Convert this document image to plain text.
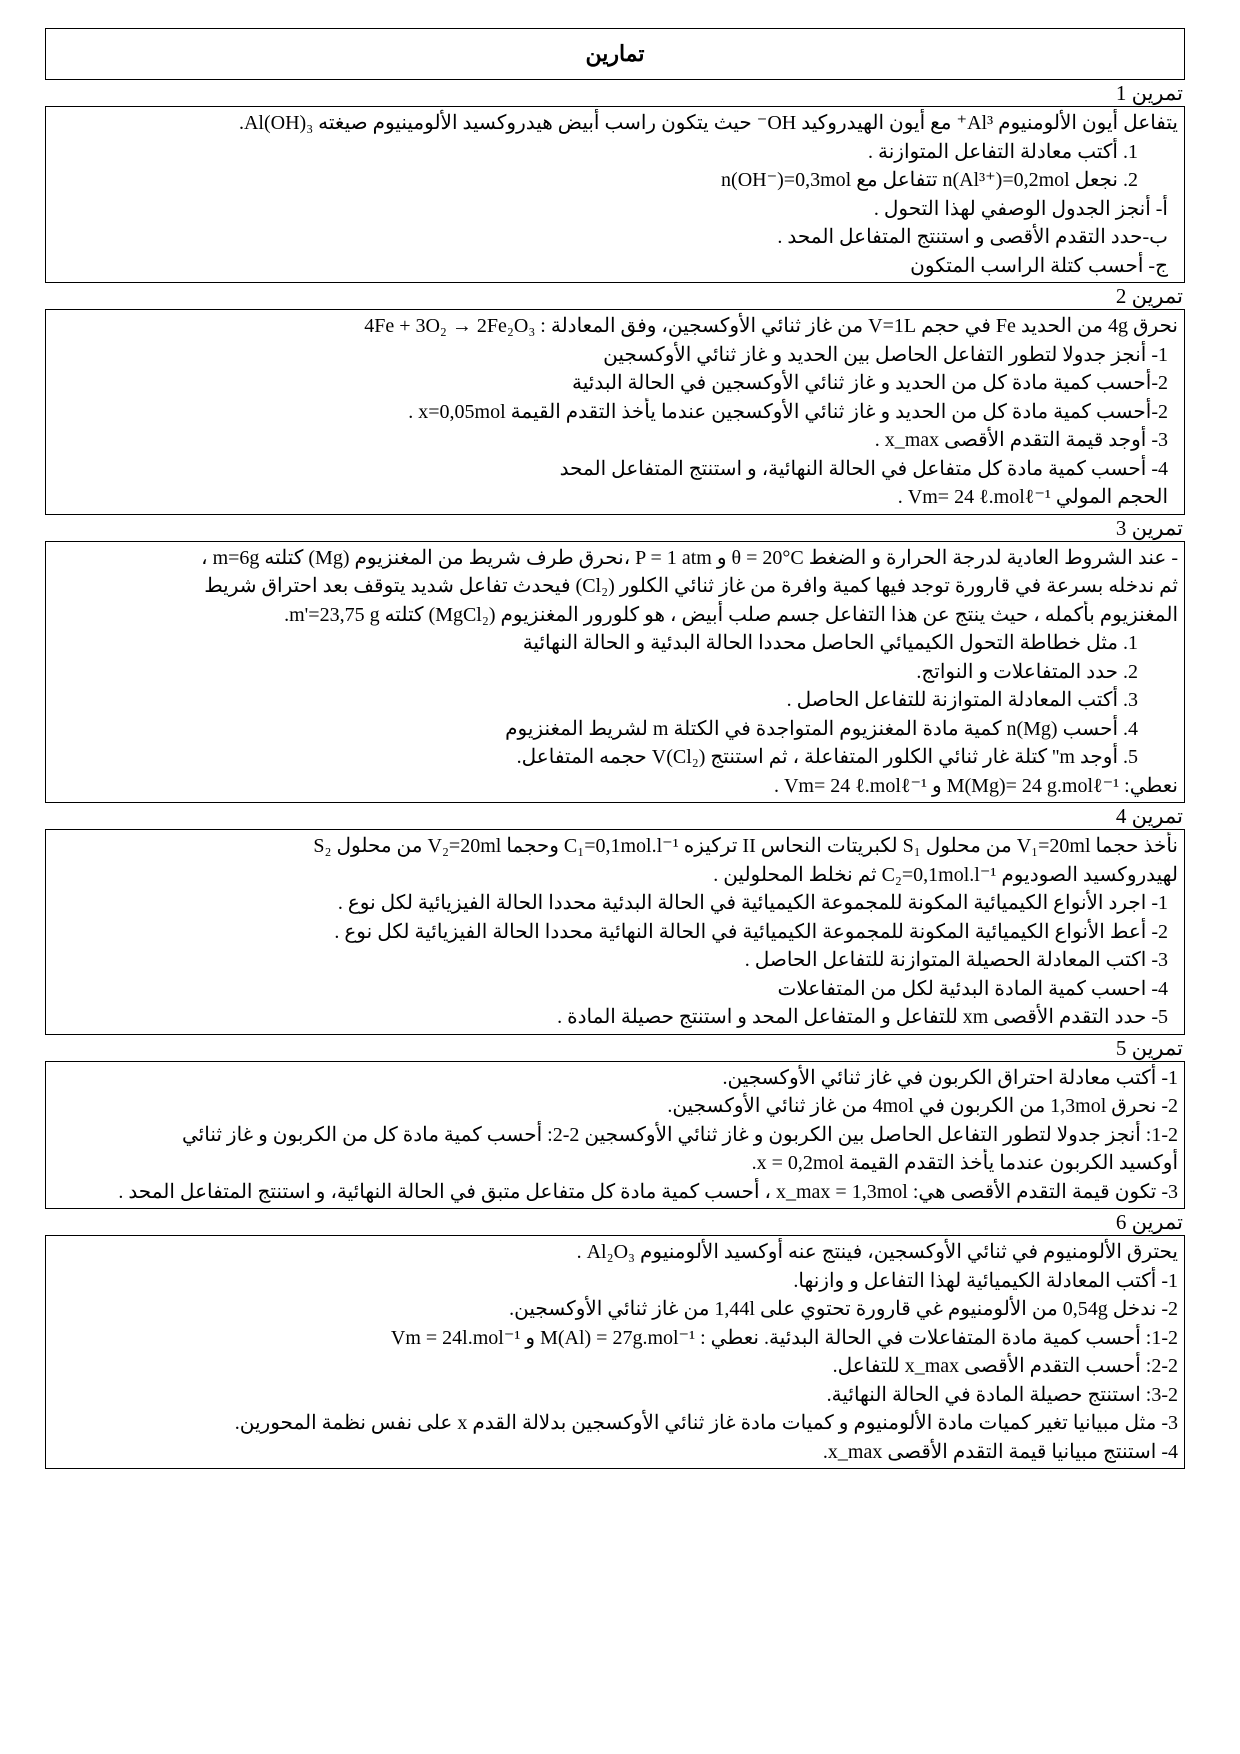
تمارين
تمرين 1
يتفاعل أيون الألومنيوم Al³⁺ مع أيون الهيدروكيد OH⁻ حيث يتكون راسب أبيض هيدروكسيد الألومينيوم صيغته Al(OH)₃.
1. أكتب معادلة التفاعل المتوازنة .
2. نجعل n(Al³⁺)=0,2mol تتفاعل مع n(OH⁻)=0,3mol
أ- أنجز الجدول الوصفي لهذا التحول .
ب-حدد التقدم الأقصى و استنتج المتفاعل المحد .
ج- أحسب كتلة الراسب المتكون
تمرين 2
نحرق 4g من الحديد Fe في حجم V=1L من غاز ثنائي الأوكسجين، وفق المعادلة : 4Fe + 3O₂ → 2Fe₂O₃
1- أنجز جدولا لتطور التفاعل الحاصل بين الحديد و غاز ثنائي الأوكسجين
2-أحسب كمية مادة كل من الحديد و غاز ثنائي الأوكسجين في الحالة البدئية
2-أحسب كمية مادة كل من الحديد و غاز ثنائي الأوكسجين عندما يأخذ التقدم القيمة x=0,05mol .
3- أوجد قيمة التقدم الأقصى x_max .
4- أحسب كمية مادة كل متفاعل في الحالة النهائية، و استنتج المتفاعل المحد
الحجم المولي Vm= 24 ℓ.molℓ⁻¹ .
تمرين 3
- عند الشروط العادية لدرجة الحرارة و الضغط θ = 20°C و P = 1 atm ،نحرق طرف شريط من المغنزيوم (Mg) كتلته m=6g ،
ثم ندخله بسرعة في قارورة توجد فيها كمية وافرة من غاز ثنائي الكلور (Cl₂) فيحدث تفاعل شديد يتوقف بعد احتراق شريط
المغنزيوم بأكمله ، حيث ينتج عن هذا التفاعل جسم صلب أبيض ، هو كلورور المغنزيوم (MgCl₂) كتلته m'=23,75 g.
1. مثل خطاطة التحول الكيميائي الحاصل محددا الحالة البدئية و الحالة النهائية
2. حدد المتفاعلات و النواتج.
3. أكتب المعادلة المتوازنة للتفاعل الحاصل .
4. أحسب n(Mg) كمية مادة المغنزيوم المتواجدة في الكتلة m لشريط المغنزيوم
5. أوجد m'' كتلة غار ثنائي الكلور المتفاعلة ، ثم استنتج V(Cl₂) حجمه المتفاعل.
نعطي: M(Mg)= 24 g.molℓ⁻¹ و Vm= 24 ℓ.molℓ⁻¹ .
تمرين 4
نأخذ حجما V₁=20ml من محلول S₁ لكبريتات النحاس II تركيزه C₁=0,1mol.l⁻¹ وحجما V₂=20ml من محلول S₂
لهيدروكسيد الصوديوم C₂=0,1mol.l⁻¹ ثم نخلط المحلولين .
1- اجرد الأنواع الكيميائية المكونة للمجموعة الكيميائية في الحالة البدئية محددا الحالة الفيزيائية لكل نوع .
2- أعط الأنواع الكيميائية المكونة للمجموعة الكيميائية في الحالة النهائية محددا الحالة الفيزيائية لكل نوع .
3- اكتب المعادلة الحصيلة المتوازنة للتفاعل الحاصل .
4- احسب كمية المادة البدئية لكل من المتفاعلات
5- حدد التقدم الأقصى xm للتفاعل و المتفاعل المحد و استنتج حصيلة المادة .
تمرين 5
1- أكتب معادلة احتراق الكربون في غاز ثنائي الأوكسجين.
2- نحرق 1,3mol من الكربون في 4mol من غاز ثنائي الأوكسجين.
1-2: أنجز جدولا لتطور التفاعل الحاصل بين الكربون و غاز ثنائي الأوكسجين 2-2: أحسب كمية مادة كل من الكربون و غاز ثنائي
أوكسيد الكربون عندما يأخذ التقدم القيمة x = 0,2mol.
3- تكون قيمة التقدم الأقصى هي: x_max = 1,3mol ، أحسب كمية مادة كل متفاعل متبق في الحالة النهائية، و استنتج المتفاعل المحد .
تمرين 6
يحترق الألومنيوم في ثنائي الأوكسجين، فينتج عنه أوكسيد الألومنيوم Al₂O₃ .
1- أكتب المعادلة الكيميائية لهذا التفاعل و وازنها.
2- ندخل 0,54g من الألومنيوم غي قارورة تحتوي على 1,44l من غاز ثنائي الأوكسجين.
1-2: أحسب كمية مادة المتفاعلات في الحالة البدئية. نعطي : M(Al) = 27g.mol⁻¹ و Vm = 24l.mol⁻¹
2-2: أحسب التقدم الأقصى x_max للتفاعل.
3-2: استنتج حصيلة المادة في الحالة النهائية.
3- مثل مبيانيا تغير كميات مادة الألومنيوم و كميات مادة غاز ثنائي الأوكسجين بدلالة القدم x على نفس نظمة المحورين.
4- استنتج مبيانيا قيمة التقدم الأقصى x_max.
